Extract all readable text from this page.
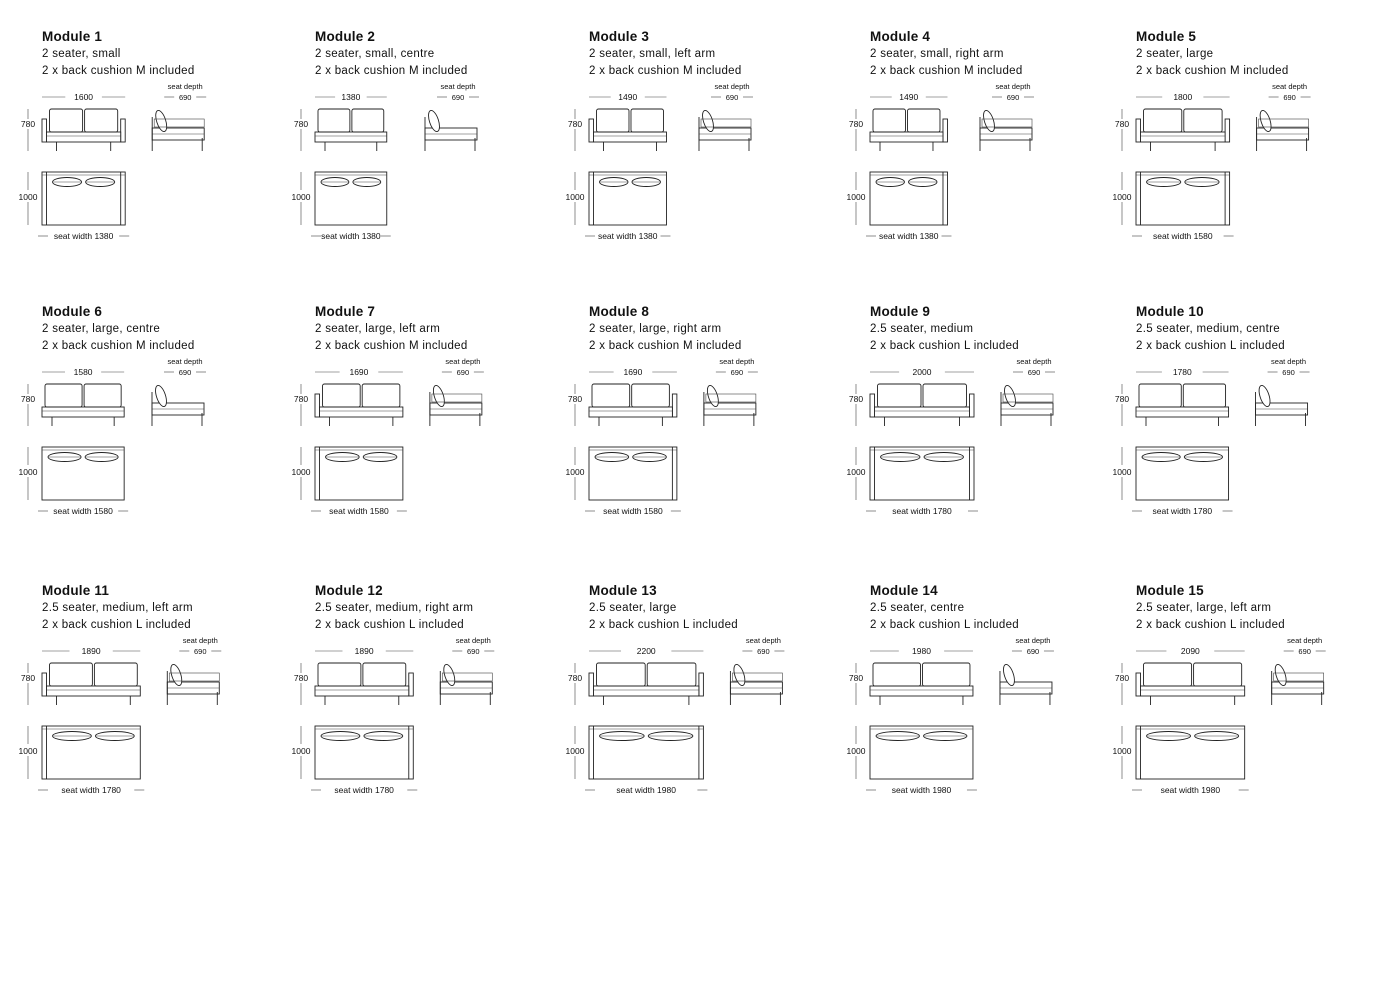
Module 1
2 seater, small
2 x back cushion M included
1600
780
seat depth
690
1000
seat width 1380
Module 2
2 seater, small, centre
2 x back cushion M included
1380
780
seat depth
690
1000
seat width 1380
Module 3
2 seater, small, left arm
2 x back cushion M included
1490
780
seat depth
690
1000
seat width 1380
Module 4
2 seater, small, right arm
2 x back cushion M included
1490
780
seat depth
690
1000
seat width 1380
Module 5
2 seater, large
2 x back cushion M included
1800
780
seat depth
690
1000
seat width 1580
Module 6
2 seater, large, centre
2 x back cushion M included
1580
780
seat depth
690
1000
seat width 1580
Module 7
2 seater, large, left arm
2 x back cushion M included
1690
780
seat depth
690
1000
seat width 1580
Module 8
2 seater, large, right arm
2 x back cushion M included
1690
780
seat depth
690
1000
seat width 1580
Module 9
2.5 seater, medium
2 x back cushion L included
2000
780
seat depth
690
1000
seat width 1780
Module 10
2.5 seater, medium, centre
2 x back cushion L included
1780
780
seat depth
690
1000
seat width 1780
Module 11
2.5 seater, medium, left arm
2 x back cushion L included
1890
780
seat depth
690
1000
seat width 1780
Module 12
2.5 seater, medium, right arm
2 x back cushion L included
1890
780
seat depth
690
1000
seat width 1780
Module 13
2.5 seater, large
2 x back cushion L included
2200
780
seat depth
690
1000
seat width 1980
Module 14
2.5 seater, centre
2 x back cushion L included
1980
780
seat depth
690
1000
seat width 1980
Module 15
2.5 seater, large, left arm
2 x back cushion L included
2090
780
seat depth
690
1000
seat width 1980
